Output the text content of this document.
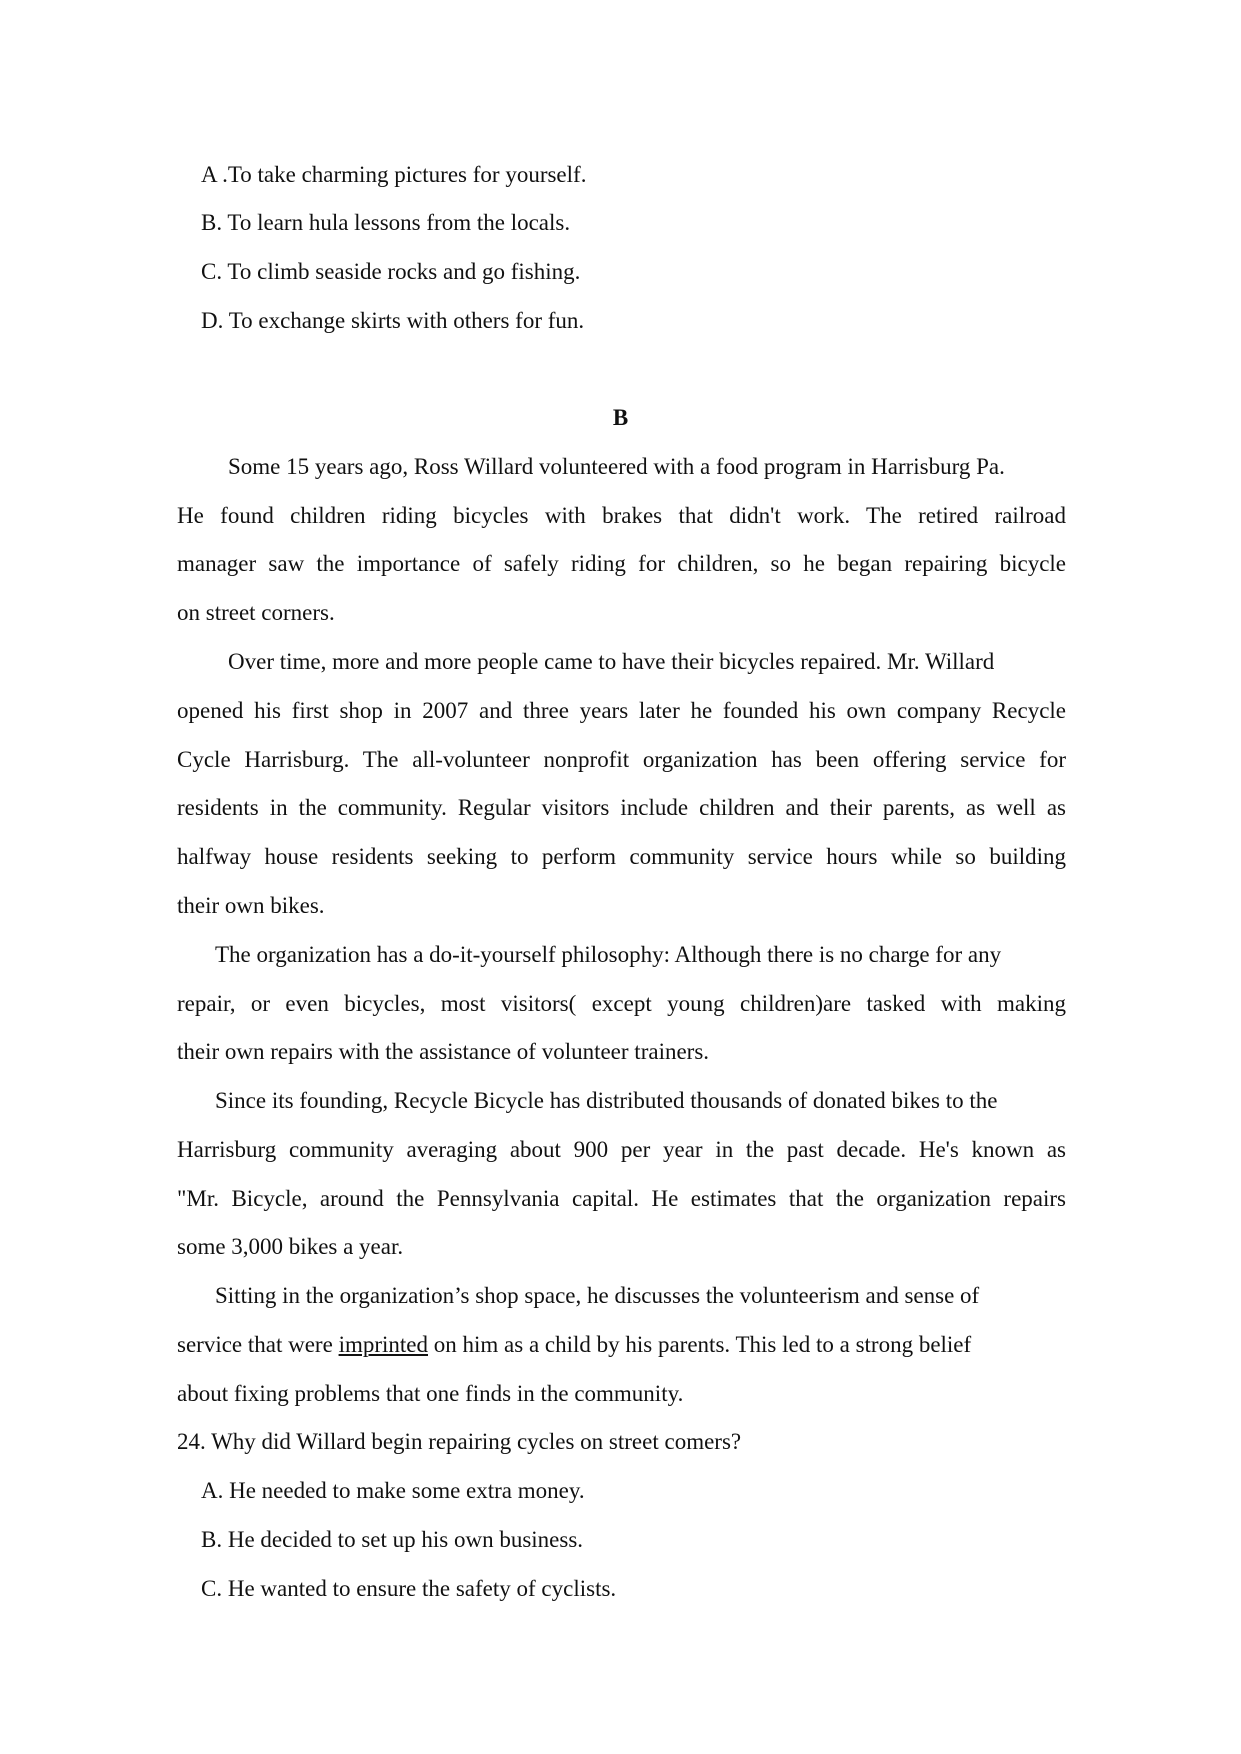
A .To take charming pictures for yourself.
B. To learn hula lessons from the locals.
C. To climb seaside rocks and go fishing.
D. To exchange skirts with others for fun.
B
Some 15 years ago, Ross Willard volunteered with a food program in Harrisburg Pa.
He found children riding bicycles with brakes that didn't work. The retired railroad
manager saw the importance of safely riding for children, so he began repairing bicycle
on street corners.
Over time, more and more people came to have their bicycles repaired. Mr. Willard
opened his first shop in 2007 and three years later he founded his own company Recycle
Cycle Harrisburg. The all-volunteer nonprofit organization has been offering service for
residents in the community. Regular visitors include children and their parents, as well as
halfway house residents seeking to perform community service hours while so building
their own bikes.
The organization has a do-it-yourself philosophy: Although there is no charge for any
repair, or even bicycles, most visitors( except young children)are tasked with making
their own repairs with the assistance of volunteer trainers.
Since its founding, Recycle Bicycle has distributed thousands of donated bikes to the
Harrisburg community averaging about 900 per year in the past decade. He's known as
"Mr. Bicycle, around the Pennsylvania capital. He estimates that the organization repairs
some 3,000 bikes a year.
Sitting in the organization’s shop space, he discusses the volunteerism and sense of
service that were imprinted on him as a child by his parents. This led to a strong belief
about fixing problems that one finds in the community.
24. Why did Willard begin repairing cycles on street comers?
A. He needed to make some extra money.
B. He decided to set up his own business.
C. He wanted to ensure the safety of cyclists.
